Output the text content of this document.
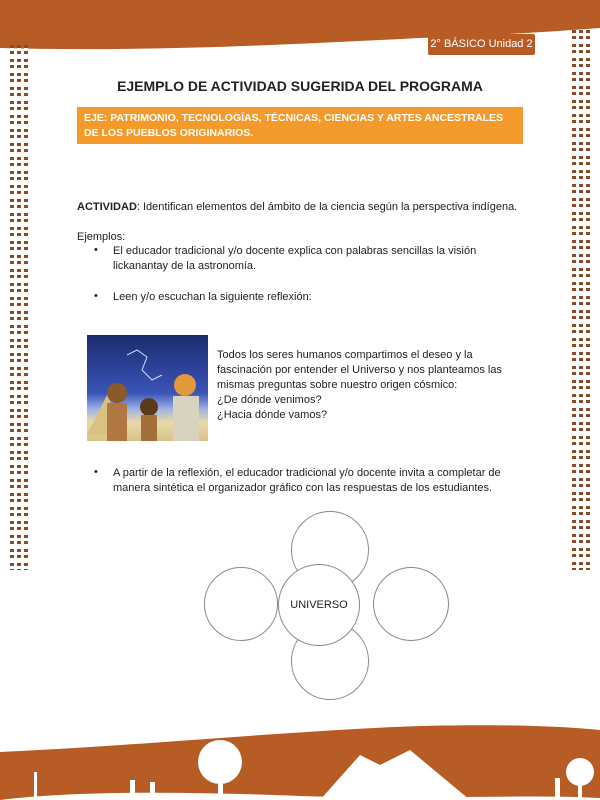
2° BÁSICO Unidad 2
EJEMPLO DE ACTIVIDAD SUGERIDA DEL PROGRAMA
EJE: PATRIMONIO, TECNOLOGÍAS, TÉCNICAS, CIENCIAS Y ARTES ANCESTRALES DE LOS PUEBLOS ORIGINARIOS.
ACTIVIDAD: Identifican elementos del ámbito de la ciencia según la perspectiva indígena.
Ejemplos:
• El educador tradicional y/o docente explica con palabras sencillas la visión lickanantay de la astronomía.
• Leen y/o escuchan la siguiente reflexión:
Todos los seres humanos compartimos el deseo y la fascinación por entender el Universo y nos planteamos las mismas preguntas sobre nuestro origen cósmico:
¿De dónde venimos?
¿Hacia dónde vamos?
• A partir de la reflexión, el educador tradicional y/o docente invita a completar de manera sintética el organizador gráfico con las respuestas de los estudiantes.
UNIVERSO
